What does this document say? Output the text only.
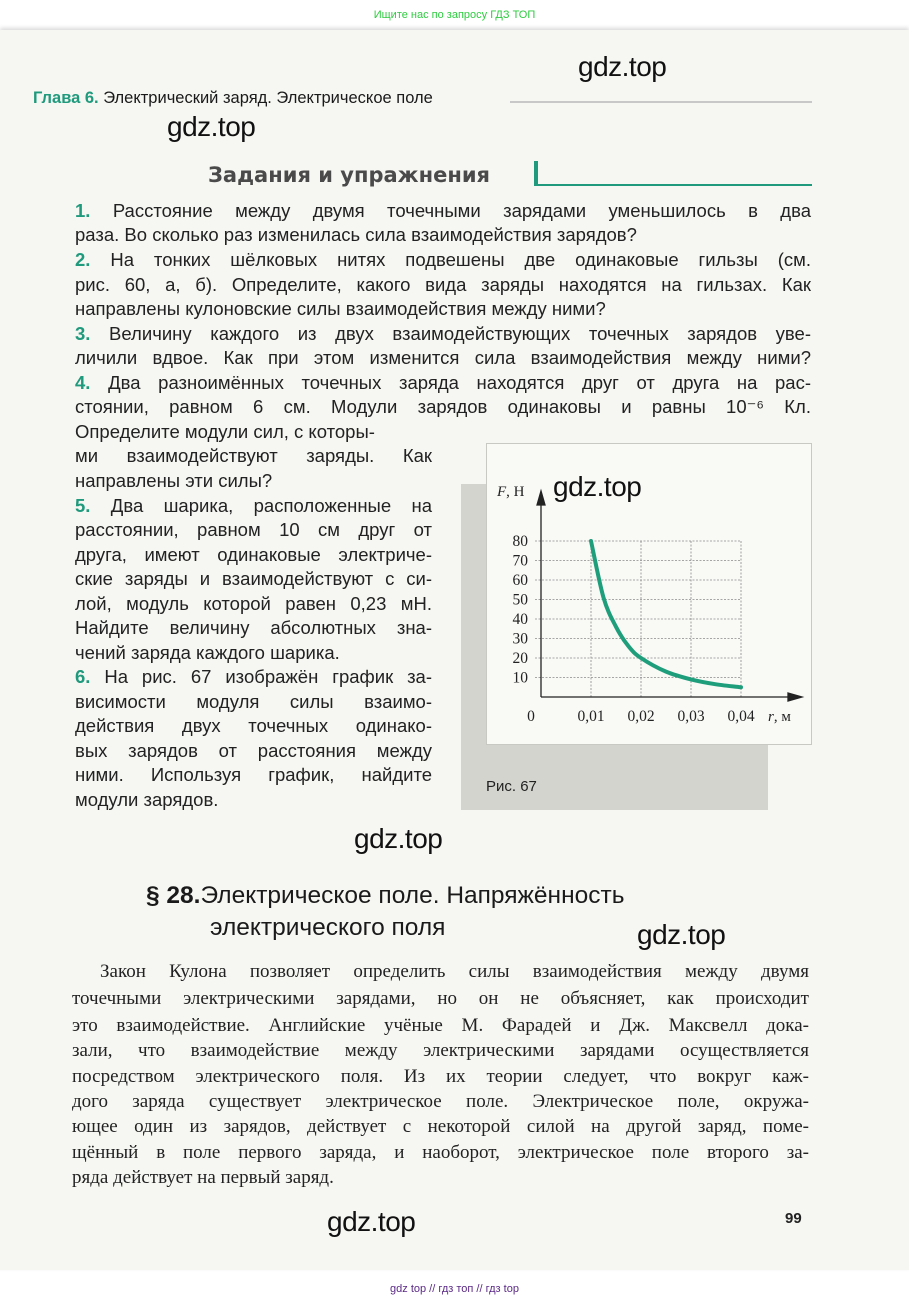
Ищите нас по запросу ГДЗ ТОП
Глава 6. Электрический заряд. Электрическое поле
Задания и упражнения
1. Расстояние между двумя точечными зарядами уменьшилось в два
раза. Во сколько раз изменилась сила взаимодействия зарядов?
2. На тонких шёлковых нитях подвешены две одинаковые гильзы (см.
рис. 60, а, б). Определите, какого вида заряды находятся на гильзах. Как
направлены кулоновские силы взаимодействия между ними?
3. Величину каждого из двух взаимодействующих точечных зарядов уве-
личили вдвое. Как при этом изменится сила взаимодействия между ними?
4. Два разноимённых точечных заряда находятся друг от друга на рас-
стоянии, равном 6 см. Модули зарядов одинаковы и равны 10⁻⁶ Кл.
Определите модули сил, с которы-
ми взаимодействуют заряды. Как
направлены эти силы?
5. Два шарика, расположенные на
расстоянии, равном 10 см друг от
друга, имеют одинаковые электриче-
ские заряды и взаимодействуют с си-
лой, модуль которой равен 0,23 мН.
Найдите величину абсолютных зна-
чений заряда каждого шарика.
6. На рис. 67 изображён график за-
висимости модуля силы взаимо-
действия двух точечных одинако-
вых зарядов от расстояния между
ними. Используя график, найдите
модули зарядов.
10
20
30
40
50
60
70
80
0	0,01 0,02 0,03 0,04
F, Н
r, м
Рис. 67
§ 28.Электрическое поле. Напряжённость
электрического поля
Закон Кулона позволяет определить силы взаимодействия между двумя
точечными электрическими зарядами, но он не объясняет, как происходит
это взаимодействие. Английские учёные М. Фарадей и Дж. Максвелл дока-
зали, что взаимодействие между электрическими зарядами осуществляется
посредством электрического поля. Из их теории следует, что вокруг каж-
дого заряда существует электрическое поле. Электрическое поле, окружа-
ющее один из зарядов, действует с некоторой силой на другой заряд, поме-
щённый в поле первого заряда, и наоборот, электрическое поле второго за-
ряда действует на первый заряд.
99
gdz.top
gdz.top
gdz.top
gdz.top
gdz.top
gdz.top
gdz top // гдз топ // гдз top
